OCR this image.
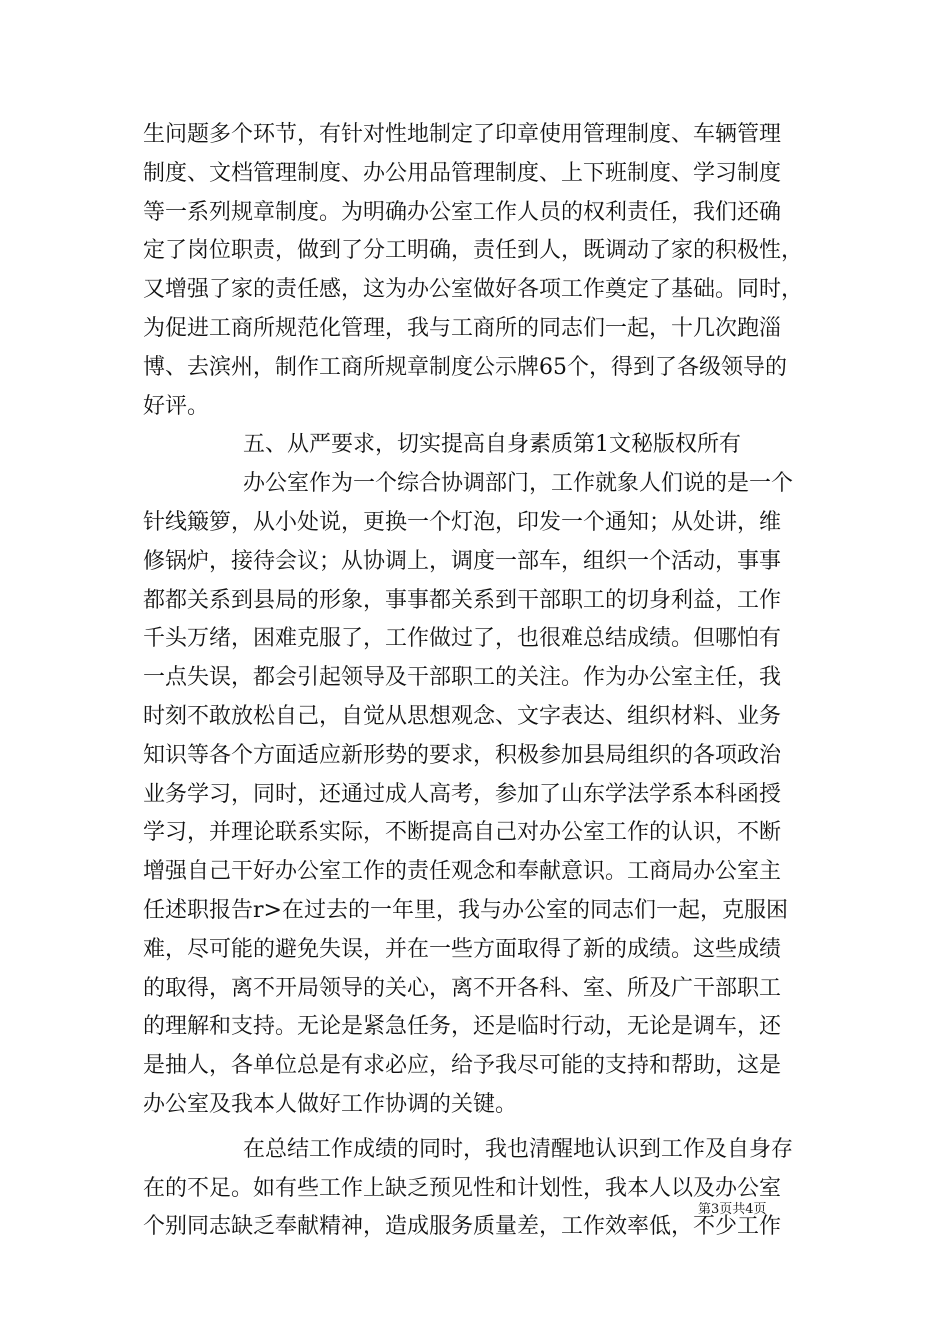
生问题多个环节，有针对性地制定了印章使用管理制度、车辆管理
制度、文档管理制度、办公用品管理制度、上下班制度、学习制度
等一系列规章制度。为明确办公室工作人员的权利责任，我们还确
定了岗位职责，做到了分工明确，责任到人，既调动了家的积极性，
又增强了家的责任感，这为办公室做好各项工作奠定了基础。同时，
为促进工商所规范化管理，我与工商所的同志们一起，十几次跑淄
博、去滨州，制作工商所规章制度公示牌65个，得到了各级领导的
好评。
五、从严要求，切实提高自身素质第1文秘版权所有
办公室作为一个综合协调部门，工作就象人们说的是一个
针线簸箩，从小处说，更换一个灯泡，印发一个通知；从处讲，维
修锅炉，接待会议；从协调上，调度一部车，组织一个活动，事事
都都关系到县局的形象，事事都关系到干部职工的切身利益，工作
千头万绪，困难克服了，工作做过了，也很难总结成绩。但哪怕有
一点失误，都会引起领导及干部职工的关注。作为办公室主任，我
时刻不敢放松自己，自觉从思想观念、文字表达、组织材料、业务
知识等各个方面适应新形势的要求，积极参加县局组织的各项政治
业务学习，同时，还通过成人高考，参加了山东学法学系本科函授
学习，并理论联系实际，不断提高自己对办公室工作的认识，不断
增强自己干好办公室工作的责任观念和奉献意识。工商局办公室主
任述职报告r>在过去的一年里，我与办公室的同志们一起，克服困
难，尽可能的避免失误，并在一些方面取得了新的成绩。这些成绩
的取得，离不开局领导的关心，离不开各科、室、所及广干部职工
的理解和支持。无论是紧急任务，还是临时行动，无论是调车，还
是抽人，各单位总是有求必应，给予我尽可能的支持和帮助，这是
办公室及我本人做好工作协调的关键。
在总结工作成绩的同时，我也清醒地认识到工作及自身存
在的不足。如有些工作上缺乏预见性和计划性，我本人以及办公室
个别同志缺乏奉献精神，造成服务质量差，工作效率低，不少工作
第3页共4页
